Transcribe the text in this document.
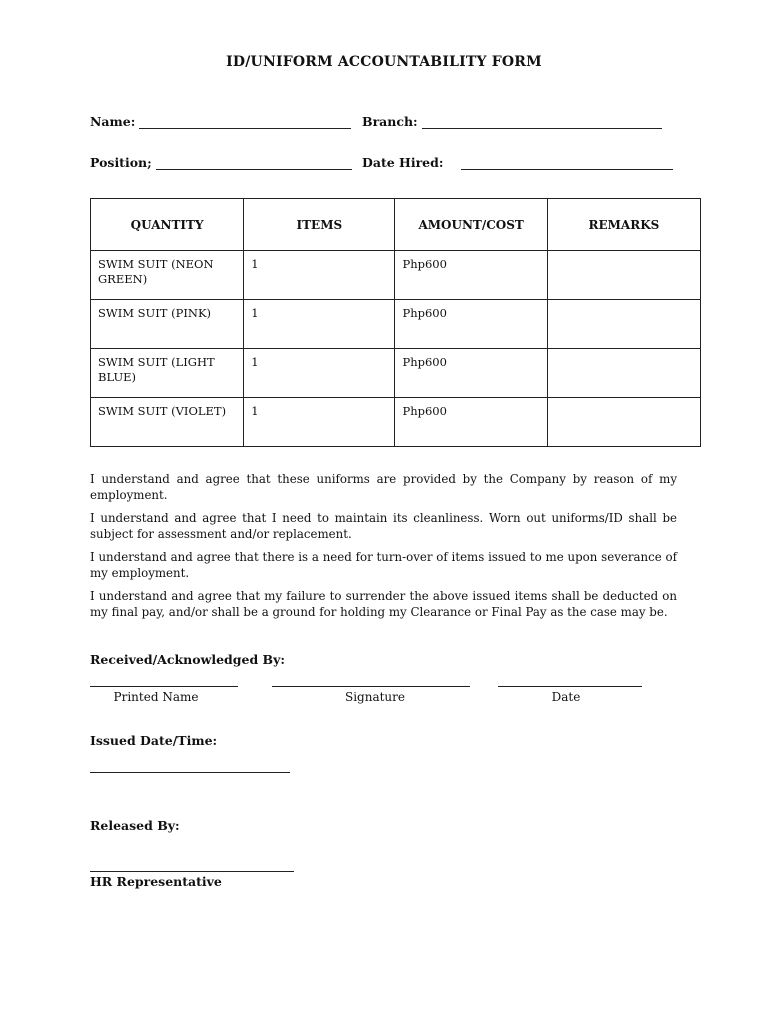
ID/UNIFORM ACCOUNTABILITY FORM
Name:	Branch:
Position;	Date Hired:
QUANTITY	ITEMS	AMOUNT/COST	REMARKS
SWIM SUIT (NEON GREEN)	1	Php600	
SWIM SUIT (PINK)	1	Php600	
SWIM SUIT (LIGHT BLUE)	1	Php600	
SWIM SUIT (VIOLET)	1	Php600	
I understand and agree that these uniforms are provided by the Company by reason of my employment.
I understand and agree that I need to maintain its cleanliness. Worn out uniforms/ID shall be subject for assessment and/or replacement.
I understand and agree that there is a need for turn-over of items issued to me upon severance of my employment.
I understand and agree that my failure to surrender the above issued items shall be deducted on my final pay, and/or shall be a ground for holding my Clearance or Final Pay as the case may be.
Received/Acknowledged By:
Printed Name	Signature	Date
Issued Date/Time:
Released By:
HR Representative
